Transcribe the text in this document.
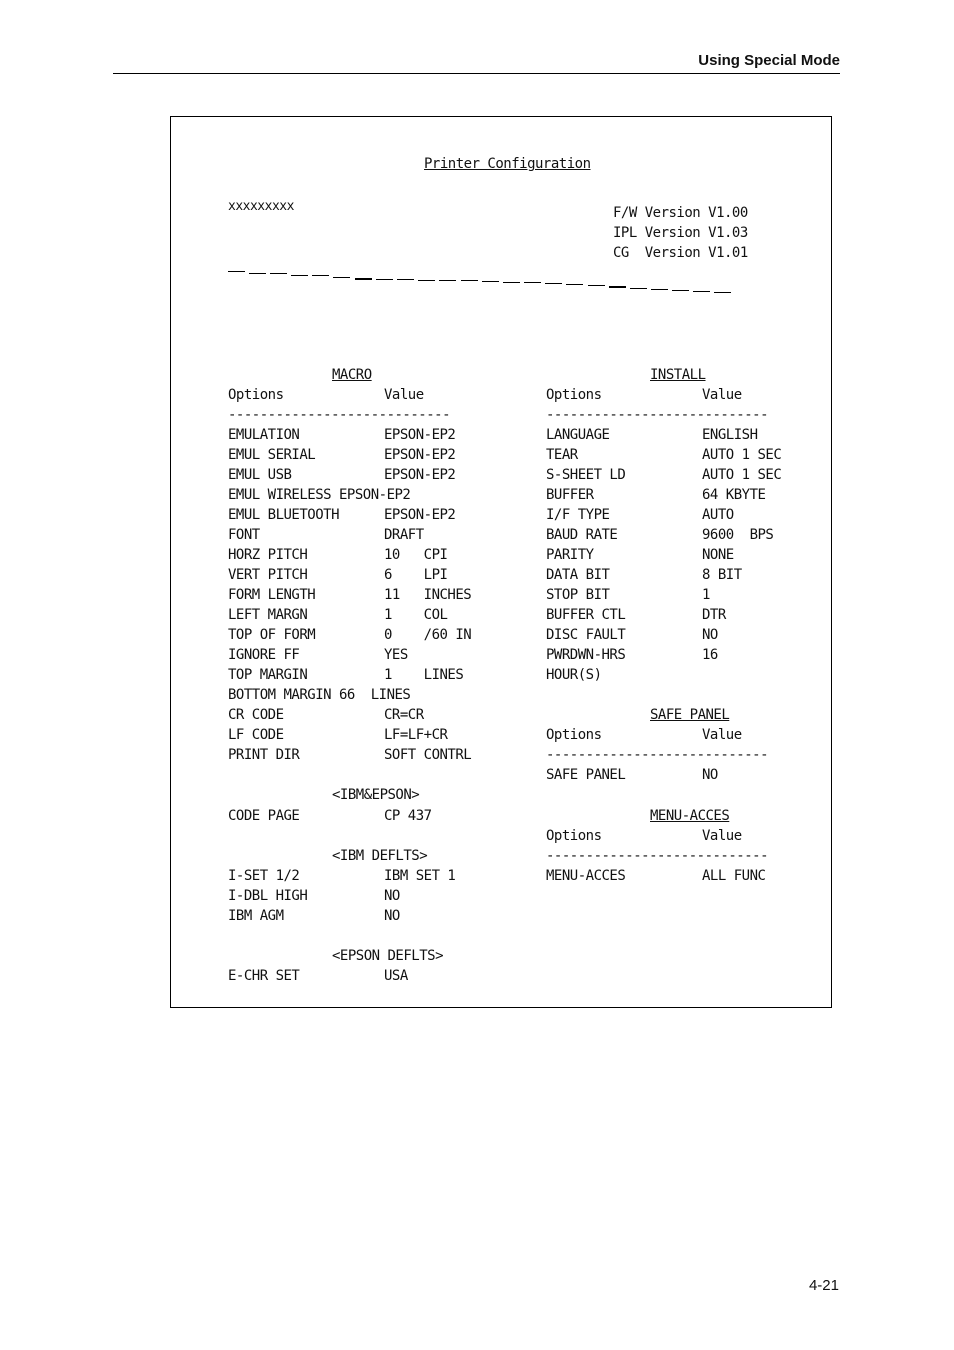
Using Special Mode
Printer Configuration
xxxxxxxxx	F/W Version V1.00
IPL Version V1.03
CG  Version V1.01

MACRO
Options	Value
----------------------------
EMULATION	EPSON-EP2
EMUL SERIAL	EPSON-EP2
EMUL USB	EPSON-EP2
EMUL WIRELESS EPSON-EP2
EMUL BLUETOOTH	EPSON-EP2
FONT	DRAFT
HORZ PITCH	10   CPI
VERT PITCH	6    LPI
FORM LENGTH	11   INCHES
LEFT MARGN	1    COL
TOP OF FORM	0    /60 IN
IGNORE FF	YES
TOP MARGIN	1    LINES
BOTTOM MARGIN 66  LINES
CR CODE	CR=CR
LF CODE	LF=LF+CR
PRINT DIR	SOFT CONTRL
<IBM&EPSON>
CODE PAGE	CP 437
<IBM DEFLTS>
I-SET 1/2	IBM SET 1
I-DBL HIGH	NO
IBM AGM	NO
<EPSON DEFLTS>
E-CHR SET	USA
INSTALL
Options	Value
----------------------------
LANGUAGE	ENGLISH
TEAR	AUTO 1 SEC
S-SHEET LD	AUTO 1 SEC
BUFFER	64 KBYTE
I/F TYPE	AUTO
BAUD RATE	9600  BPS
PARITY	NONE
DATA BIT	8 BIT
STOP BIT	1
BUFFER CTL	DTR
DISC FAULT	NO
PWRDWN-HRS	16
HOUR(S)
SAFE PANEL
Options	Value
----------------------------
SAFE PANEL	NO
MENU-ACCES
Options	Value
----------------------------
MENU-ACCES	ALL FUNC
4-21
